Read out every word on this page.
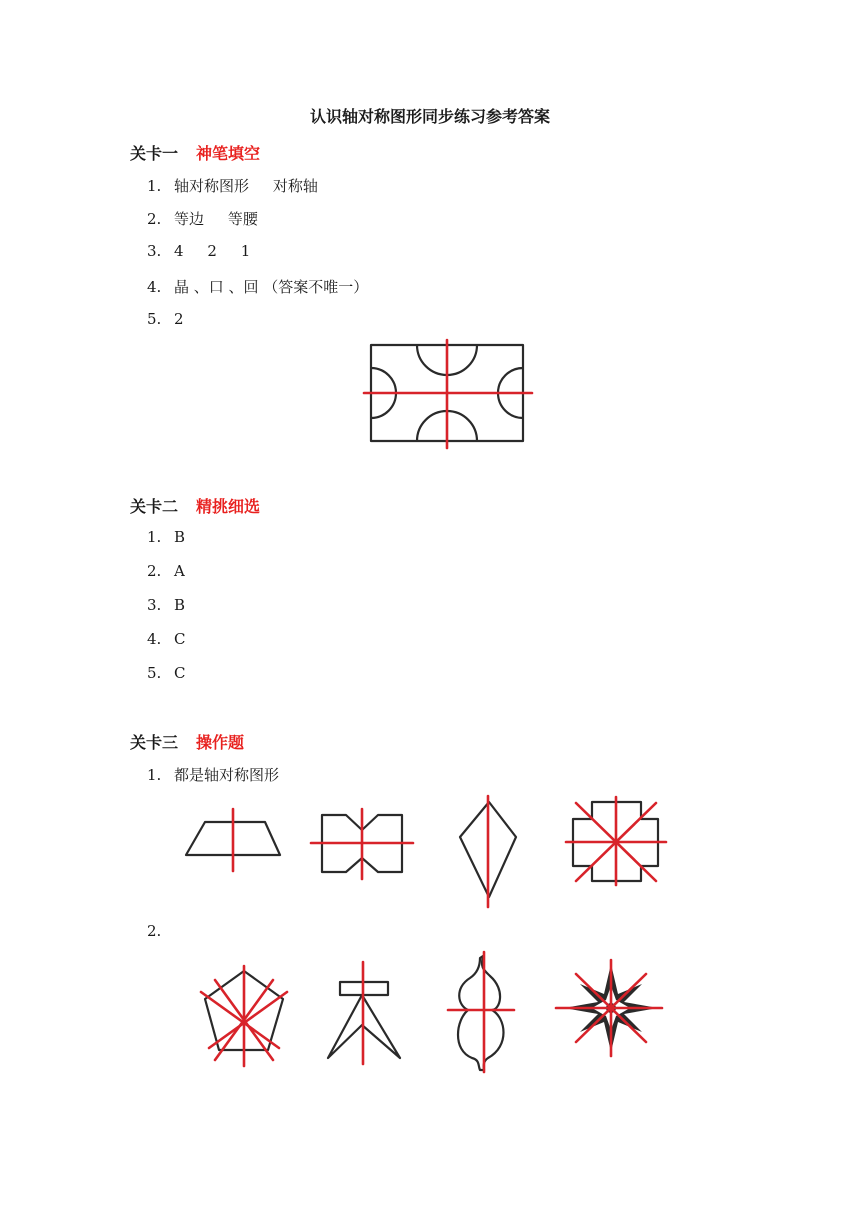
认识轴对称图形同步练习参考答案
关卡一 神笔填空
1. 轴对称图形     对称轴
2. 等边     等腰
3. 4     2     1
4. 晶 、口 、回 （答案不唯一）
5. 2
关卡二 精挑细选
1. B
2. A
3. B
4. C
5. C
关卡三 操作题
1. 都是轴对称图形
2.
